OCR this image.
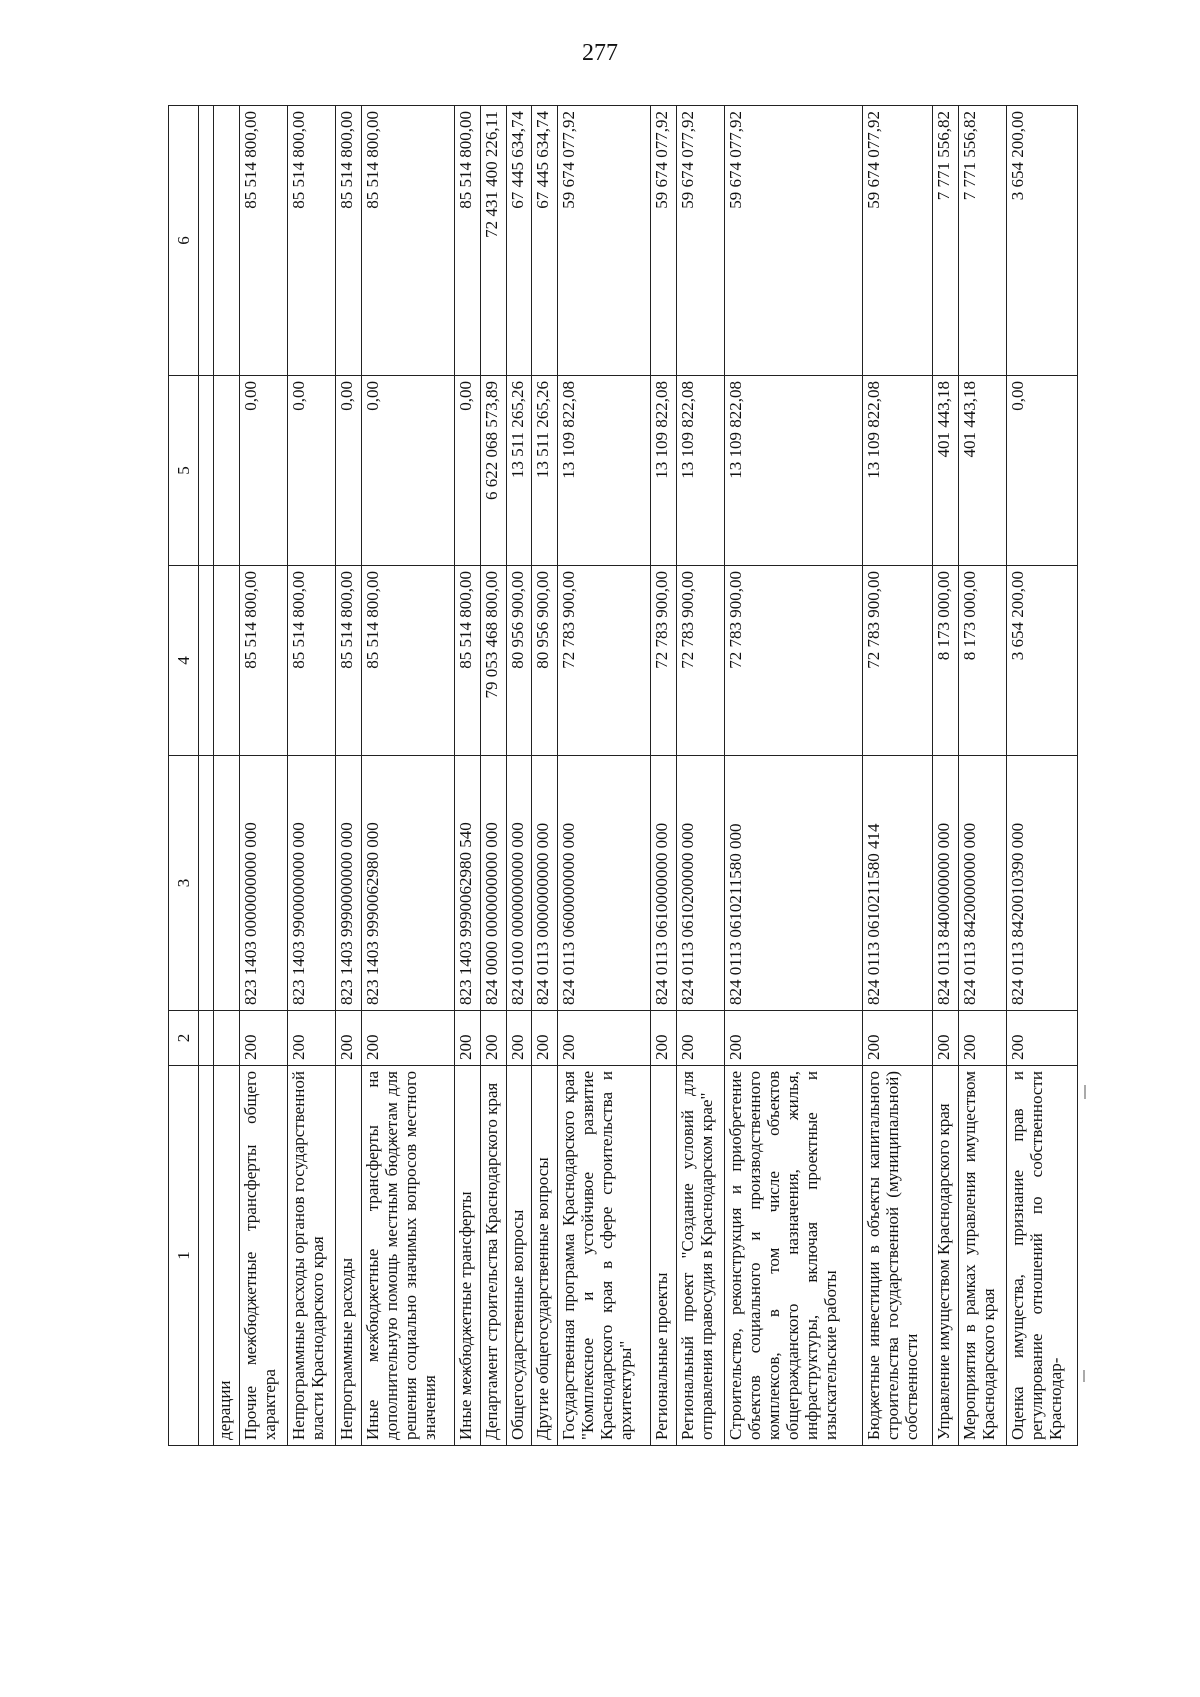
277
1	2	3	4	5	6

дерации					
Прочие межбюджетные трансферты общего характера	200	823 1403 0000000000 000	85 514 800,00	0,00	85 514 800,00
Непрограммные расходы органов государственной власти Краснодарского края	200	823 1403 9900000000 000	85 514 800,00	0,00	85 514 800,00
Непрограммные расходы	200	823 1403 9990000000 000	85 514 800,00	0,00	85 514 800,00
Иные межбюджетные трансферты на дополнительную помощь местным бюджетам для решения социально значимых вопросов местного значения	200	823 1403 9990062980 000	85 514 800,00	0,00	85 514 800,00
Иные межбюджетные трансферты	200	823 1403 9990062980 540	85 514 800,00	0,00	85 514 800,00
Департамент строительства Краснодарского края	200	824 0000 0000000000 000	79 053 468 800,00	6 622 068 573,89	72 431 400 226,11
Общегосударственные вопросы	200	824 0100 0000000000 000	80 956 900,00	13 511 265,26	67 445 634,74
Другие общегосударственные вопросы	200	824 0113 0000000000 000	80 956 900,00	13 511 265,26	67 445 634,74
Государственная программа Краснодарского края "Комплексное и устойчивое развитие Краснодарского края в сфере строительства и архитектуры"	200	824 0113 0600000000 000	72 783 900,00	13 109 822,08	59 674 077,92
Региональные проекты	200	824 0113 0610000000 000	72 783 900,00	13 109 822,08	59 674 077,92
Региональный проект "Создание условий для отправления правосудия в Краснодарском крае"	200	824 0113 0610200000 000	72 783 900,00	13 109 822,08	59 674 077,92
Строительство, реконструкция и приобретение объектов социального и производственного комплексов, в том числе объектов общегражданского назначения, жилья, инфраструктуры, включая проектные и изыскательские работы	200	824 0113 0610211580 000	72 783 900,00	13 109 822,08	59 674 077,92
Бюджетные инвестиции в объекты капитального строительства государственной (муниципальной) собственности	200	824 0113 0610211580 414	72 783 900,00	13 109 822,08	59 674 077,92
Управление имуществом Краснодарского края	200	824 0113 8400000000 000	8 173 000,00	401 443,18	7 771 556,82
Мероприятия в рамках управления имуществом Краснодарского края	200	824 0113 8420000000 000	8 173 000,00	401 443,18	7 771 556,82
Оценка имущества, признание прав и регулирование отношений по собственности Краснодар-	200	824 0113 8420010390 000	3 654 200,00	0,00	3 654 200,00
